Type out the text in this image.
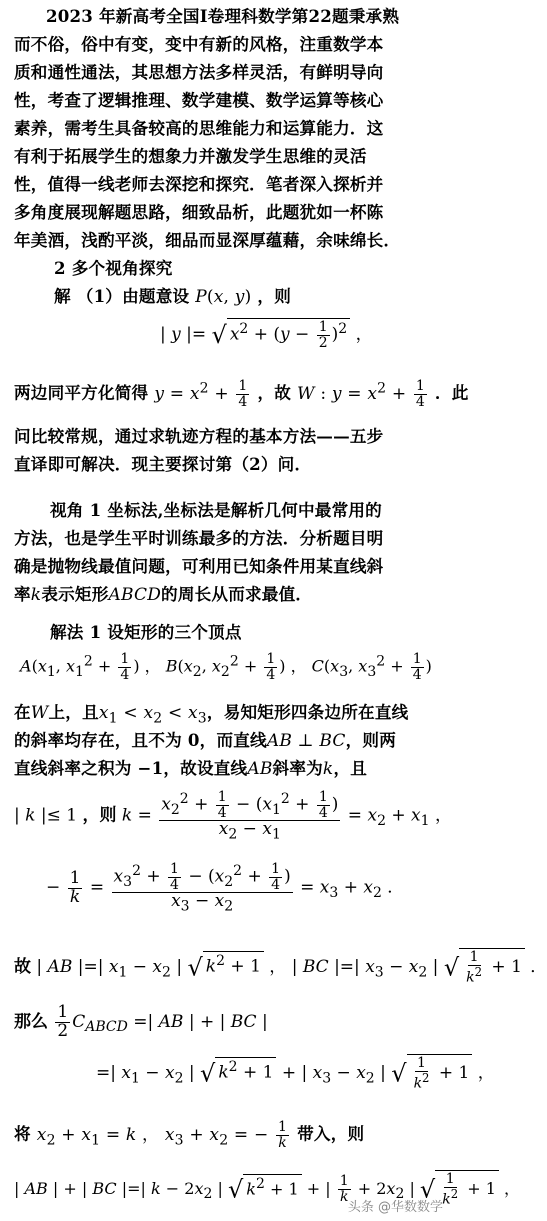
2023 年新高考全国I卷理科数学第22题秉承熟
而不俗，俗中有变，变中有新的风格，注重数学本
质和通性通法，其思想方法多样灵活，有鲜明导向
性，考查了逻辑推理、数学建模、数学运算等核心
素养，需考生具备较高的思维能力和运算能力．这
有利于拓展学生的想象力并激发学生思维的灵活
性，值得一线老师去深挖和探究．笔者深入探析并
多角度展现解题思路，细致品析，此题犹如一杯陈
年美酒，浅酌平淡，细品而显深厚蕴藉，余味绵长．
2 多个视角探究
解 （1）由题意设 P(x, y) ，则
| y |= √ $x^2 + (y - \frac{1}{2} )^2$ ，
两边同平方化简得 $y = x^2 + \frac{1}{4}$ ，故 W : $y = x^2 + \frac{1}{4}$ ．此
问比较常规，通过求轨迹方程的基本方法——五步
直译即可解决．现主要探讨第（2）问．
视角 1 坐标法,坐标法是解析几何中最常用的
方法，也是学生平时训练最多的方法．分析题目明
确是抛物线最值问题，可利用已知条件用某直线斜
率k表示矩形ABCD的周长从而求最值．
解法 1 设矩形的三个顶点
$A(x_1$, $x_1^2 + \frac{1}{4}$ ) ， $B(x_2$, $x_2^2 + \frac{1}{4}$ ) ， $C(x_3$, $x_3^2 + \frac{1}{4}$ )
在W上，且$x_1 < x_2 < x_3$，易知矩形四条边所在直线
的斜率均存在，且不为 0，而直线AB ⊥ BC，则两
直线斜率之积为 −1，故设直线AB斜率为k，且
| k |≤ 1 ，则 $k = \frac{x_2^2 + \frac{1}{4} - (x_1^2 + \frac{1}{4} )}{x_2 - x_1} = x_2 + x_1$ ，
− $\frac{1}{k} = \frac{x_3^2 + \frac{1}{4} - (x_2^2 + \frac{1}{4} )}{x_3 - x_2} = x_3 + x_2$ ．
故 | AB |=| $x_1 - x_2$ | √ $k^2 + 1$ ， | BC |=| $x_3 - x_2$ | √ $\frac{1}{k^2} + 1$ ．
那么 $\frac{1}{2} C_{ABCD}$ =| AB | + | BC |
=| $x_1 - x_2$ | √ $k^2 + 1$ + | $x_3 - x_2$ | √ $\frac{1}{k^2} + 1$ ，
将 $x_2 + x_1 = k$ ， $x_3 + x_2$ = − $\frac{1}{k}$ 带入，则
| AB | + | BC |=| $k - 2x_2$ | √ $k^2 + 1$ + | $\frac{1}{k} + 2x_2$ | √ $\frac{1}{k^2} + 1$ ，
头条 @华数数学
